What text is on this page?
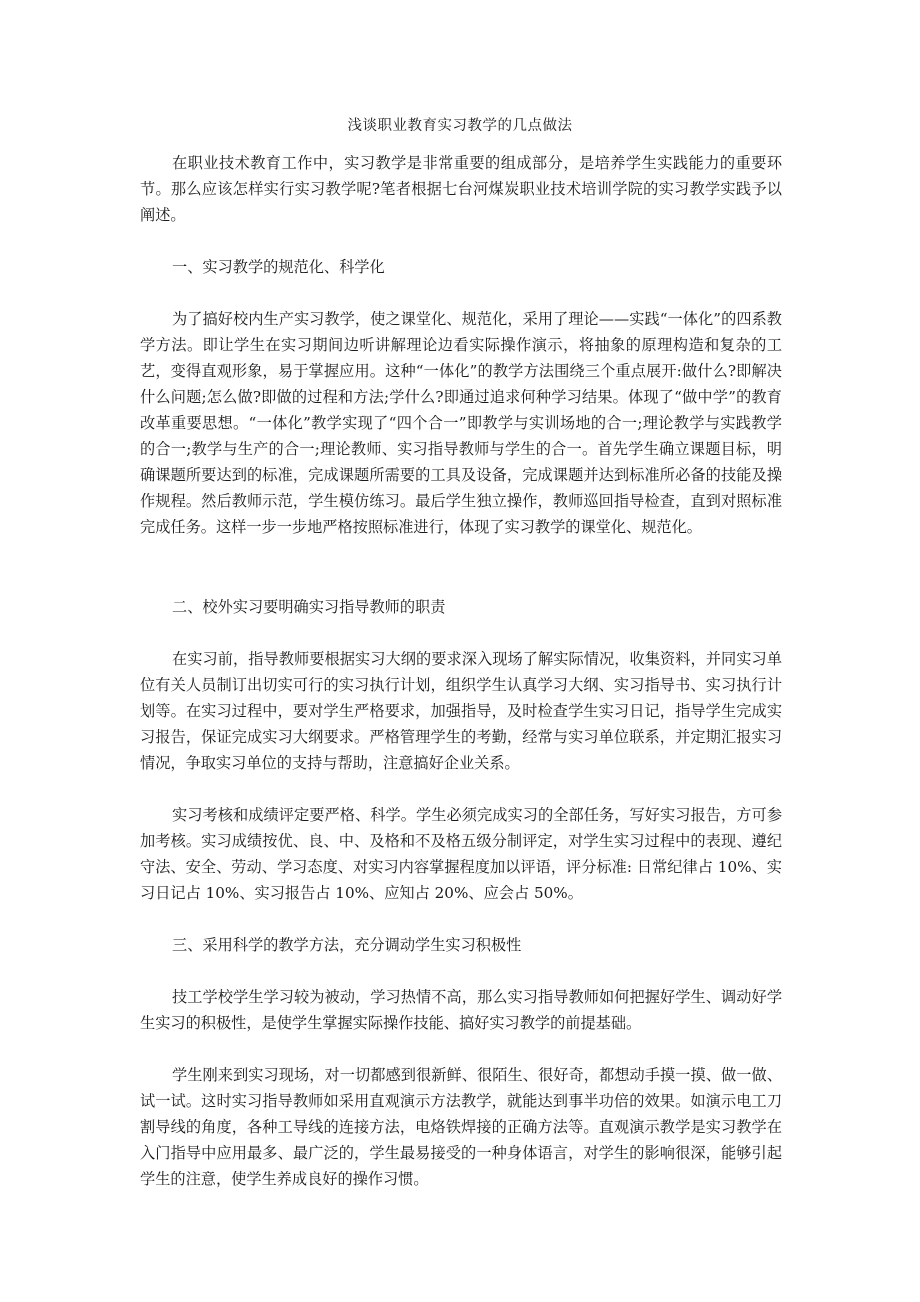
浅谈职业教育实习教学的几点做法

在职业技术教育工作中，实习教学是非常重要的组成部分，是培养学生实践能力的重要环节。那么应该怎样实行实习教学呢?笔者根据七台河煤炭职业技术培训学院的实习教学实践予以阐述。

一、实习教学的规范化、科学化

为了搞好校内生产实习教学，使之课堂化、规范化，采用了理论——实践“一体化”的四系教学方法。即让学生在实习期间边听讲解理论边看实际操作演示，将抽象的原理构造和复杂的工艺，变得直观形象，易于掌握应用。这种“一体化”的教学方法围绕三个重点展开:做什么?即解决什么问题;怎么做?即做的过程和方法;学什么?即通过追求何种学习结果。体现了“做中学”的教育改革重要思想。“一体化”教学实现了“四个合一”即教学与实训场地的合一;理论教学与实践教学的合一;教学与生产的合一;理论教师、实习指导教师与学生的合一。首先学生确立课题目标，明确课题所要达到的标准，完成课题所需要的工具及设备，完成课题并达到标准所必备的技能及操作规程。然后教师示范，学生模仿练习。最后学生独立操作，教师巡回指导检查，直到对照标准完成任务。这样一步一步地严格按照标准进行，体现了实习教学的课堂化、规范化。

二、校外实习要明确实习指导教师的职责

在实习前，指导教师要根据实习大纲的要求深入现场了解实际情况，收集资料，并同实习单位有关人员制订出切实可行的实习执行计划，组织学生认真学习大纲、实习指导书、实习执行计划等。在实习过程中，要对学生严格要求，加强指导，及时检查学生实习日记，指导学生完成实习报告，保证完成实习大纲要求。严格管理学生的考勤，经常与实习单位联系，并定期汇报实习情况，争取实习单位的支持与帮助，注意搞好企业关系。

实习考核和成绩评定要严格、科学。学生必须完成实习的全部任务，写好实习报告，方可参加考核。实习成绩按优、良、中、及格和不及格五级分制评定，对学生实习过程中的表现、遵纪守法、安全、劳动、学习态度、对实习内容掌握程度加以评语，评分标准: 日常纪律占 10%、实习日记占 10%、实习报告占 10%、应知占 20%、应会占 50%。

三、采用科学的教学方法，充分调动学生实习积极性

技工学校学生学习较为被动，学习热情不高，那么实习指导教师如何把握好学生、调动好学生实习的积极性，是使学生掌握实际操作技能、搞好实习教学的前提基础。

学生刚来到实习现场，对一切都感到很新鲜、很陌生、很好奇，都想动手摸一摸、做一做、试一试。这时实习指导教师如采用直观演示方法教学，就能达到事半功倍的效果。如演示电工刀割导线的角度，各种工导线的连接方法，电烙铁焊接的正确方法等。直观演示教学是实习教学在入门指导中应用最多、最广泛的，学生最易接受的一种身体语言，对学生的影响很深，能够引起学生的注意，使学生养成良好的操作习惯。
